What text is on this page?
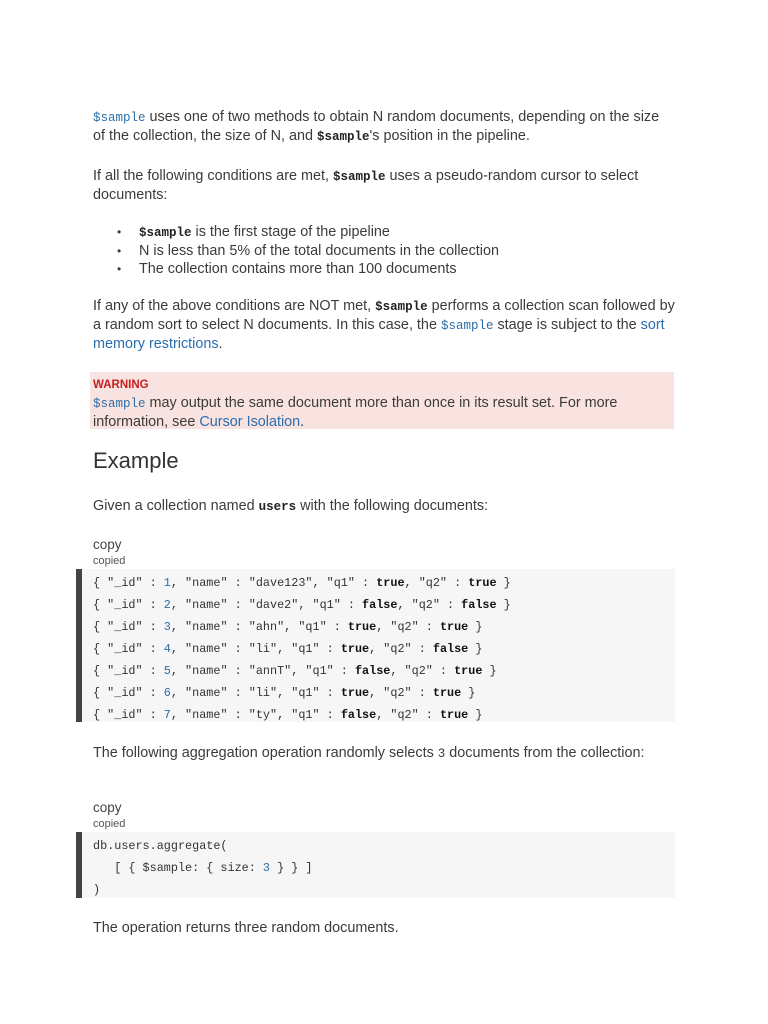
$sample uses one of two methods to obtain N random documents, depending on the size of the collection, the size of N, and $sample's position in the pipeline.

If all the following conditions are met, $sample uses a pseudo-random cursor to select documents:

• $sample is the first stage of the pipeline
• N is less than 5% of the total documents in the collection
• The collection contains more than 100 documents

If any of the above conditions are NOT met, $sample performs a collection scan followed by a random sort to select N documents. In this case, the $sample stage is subject to the sort memory restrictions.

WARNING

$sample may output the same document more than once in its result set. For more information, see Cursor Isolation.

Example

Given a collection named users with the following documents:

copy
copied
{ "_id" : 1, "name" : "dave123", "q1" : true, "q2" : true }
{ "_id" : 2, "name" : "dave2", "q1" : false, "q2" : false }
{ "_id" : 3, "name" : "ahn", "q1" : true, "q2" : true }
{ "_id" : 4, "name" : "li", "q1" : true, "q2" : false }
{ "_id" : 5, "name" : "annT", "q1" : false, "q2" : true }
{ "_id" : 6, "name" : "li", "q1" : true, "q2" : true }
{ "_id" : 7, "name" : "ty", "q1" : false, "q2" : true }

The following aggregation operation randomly selects 3 documents from the collection:

copy
copied
db.users.aggregate(
[ { $sample: { size: 3 } } ]
)

The operation returns three random documents.
